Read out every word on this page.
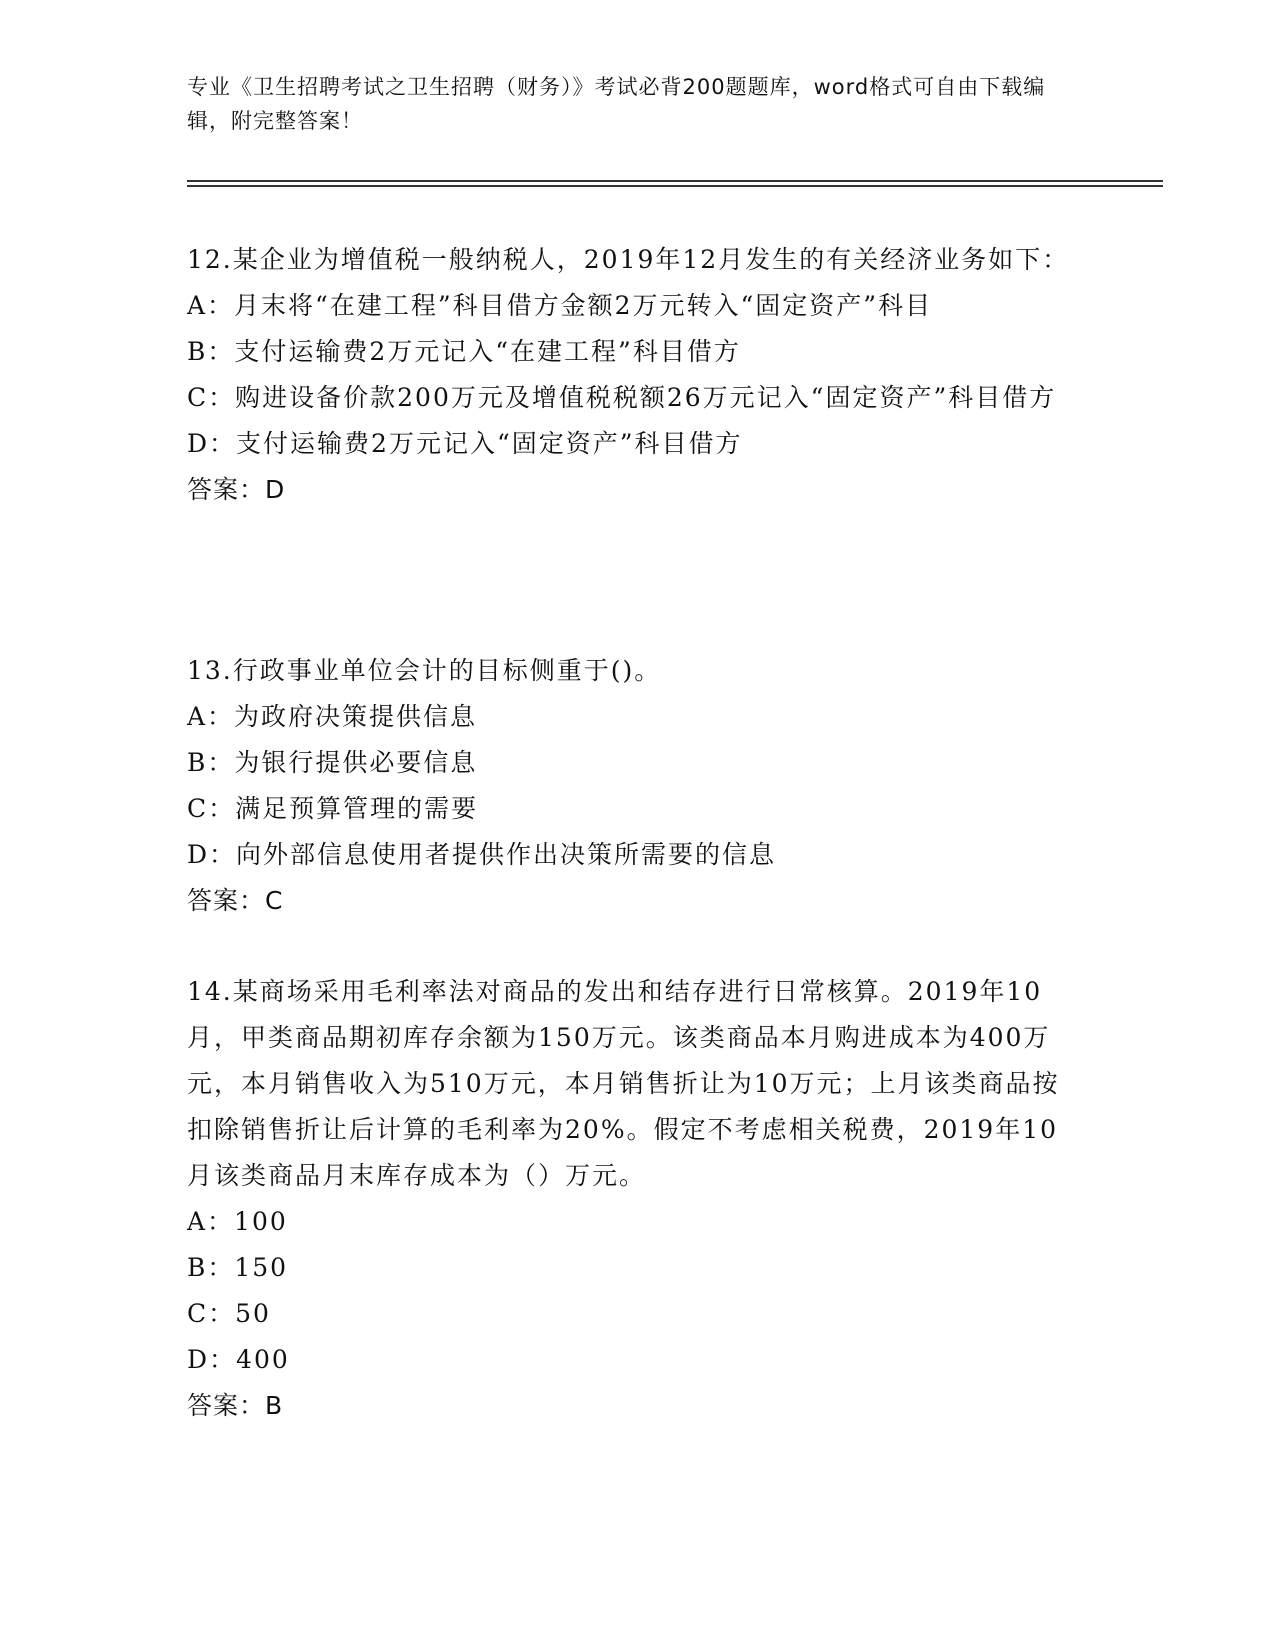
专业《卫生招聘考试之卫生招聘（财务）》考试必背200题题库，word格式可自由下载编辑，附完整答案！

12.某企业为增值税一般纳税人，2019年12月发生的有关经济业务如下：

A：月末将“在建工程”科目借方金额2万元转入“固定资产”科目

B：支付运输费2万元记入“在建工程”科目借方

C：购进设备价款200万元及增值税税额26万元记入“固定资产”科目借方

D：支付运输费2万元记入“固定资产”科目借方

答案：D

13.行政事业单位会计的目标侧重于()。

A：为政府决策提供信息

B：为银行提供必要信息

C：满足预算管理的需要

D：向外部信息使用者提供作出决策所需要的信息

答案：C

14.某商场采用毛利率法对商品的发出和结存进行日常核算。2019年10月，甲类商品期初库存余额为150万元。该类商品本月购进成本为400万元，本月销售收入为510万元，本月销售折让为10万元；上月该类商品按扣除销售折让后计算的毛利率为20%。假定不考虑相关税费，2019年10月该类商品月末库存成本为（）万元。

A：100

B：150

C：50

D：400

答案：B
